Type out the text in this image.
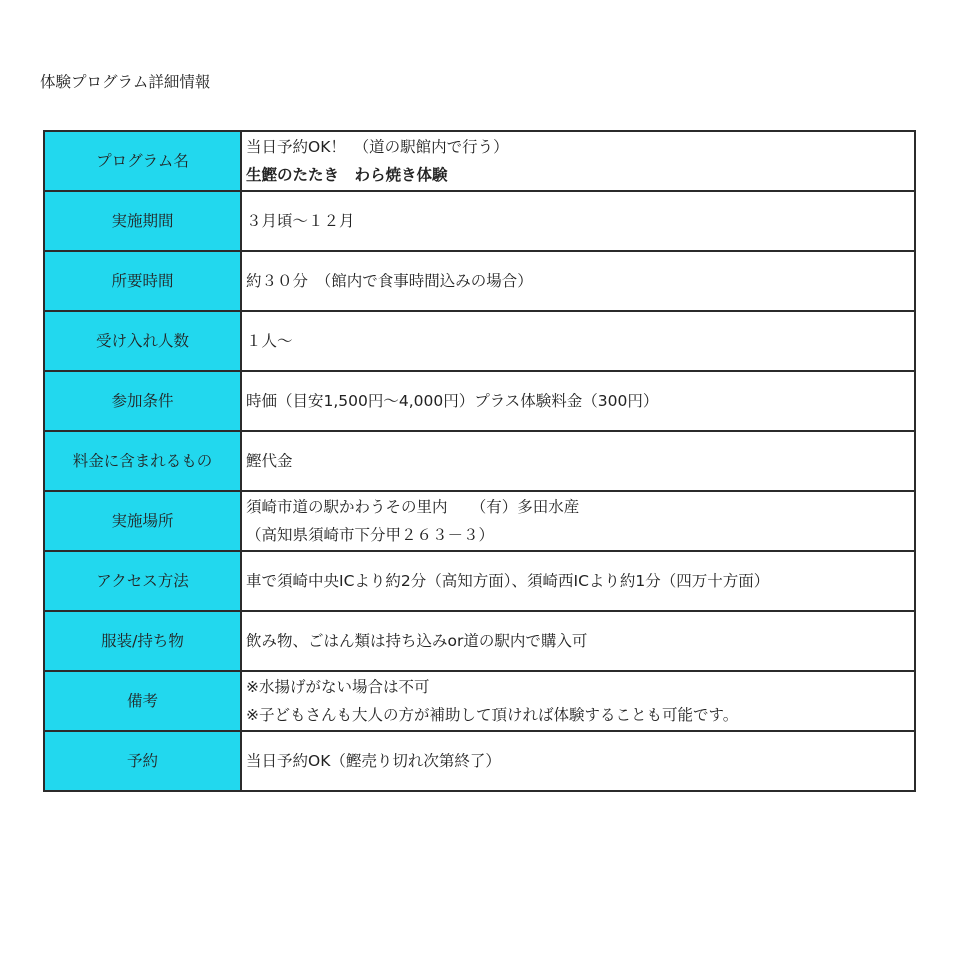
体験プログラム詳細情報
プログラム名	当日予約OK！　（道の駅館内で行う）
生鰹のたたき　わら焼き体験

実施期間	３月頃～１２月

所要時間	約３０分　（館内で食事時間込みの場合）

受け入れ人数	１人～

参加条件	時価（目安1,500円～4,000円）プラス体験料金（300円）

料金に含まれるもの	鰹代金

実施場所	須崎市道の駅かわうその里内　　（有）多田水産
（高知県須崎市下分甲２６３－３）

アクセス方法	車で須崎中央ICより約2分（高知方面）、須崎西ICより約1分（四万十方面）

服装/持ち物	飲み物、ごはん類は持ち込みor道の駅内で購入可

備考	※水揚げがない場合は不可
※子どもさんも大人の方が補助して頂ければ体験することも可能です。

予約	当日予約OK（鰹売り切れ次第終了）
